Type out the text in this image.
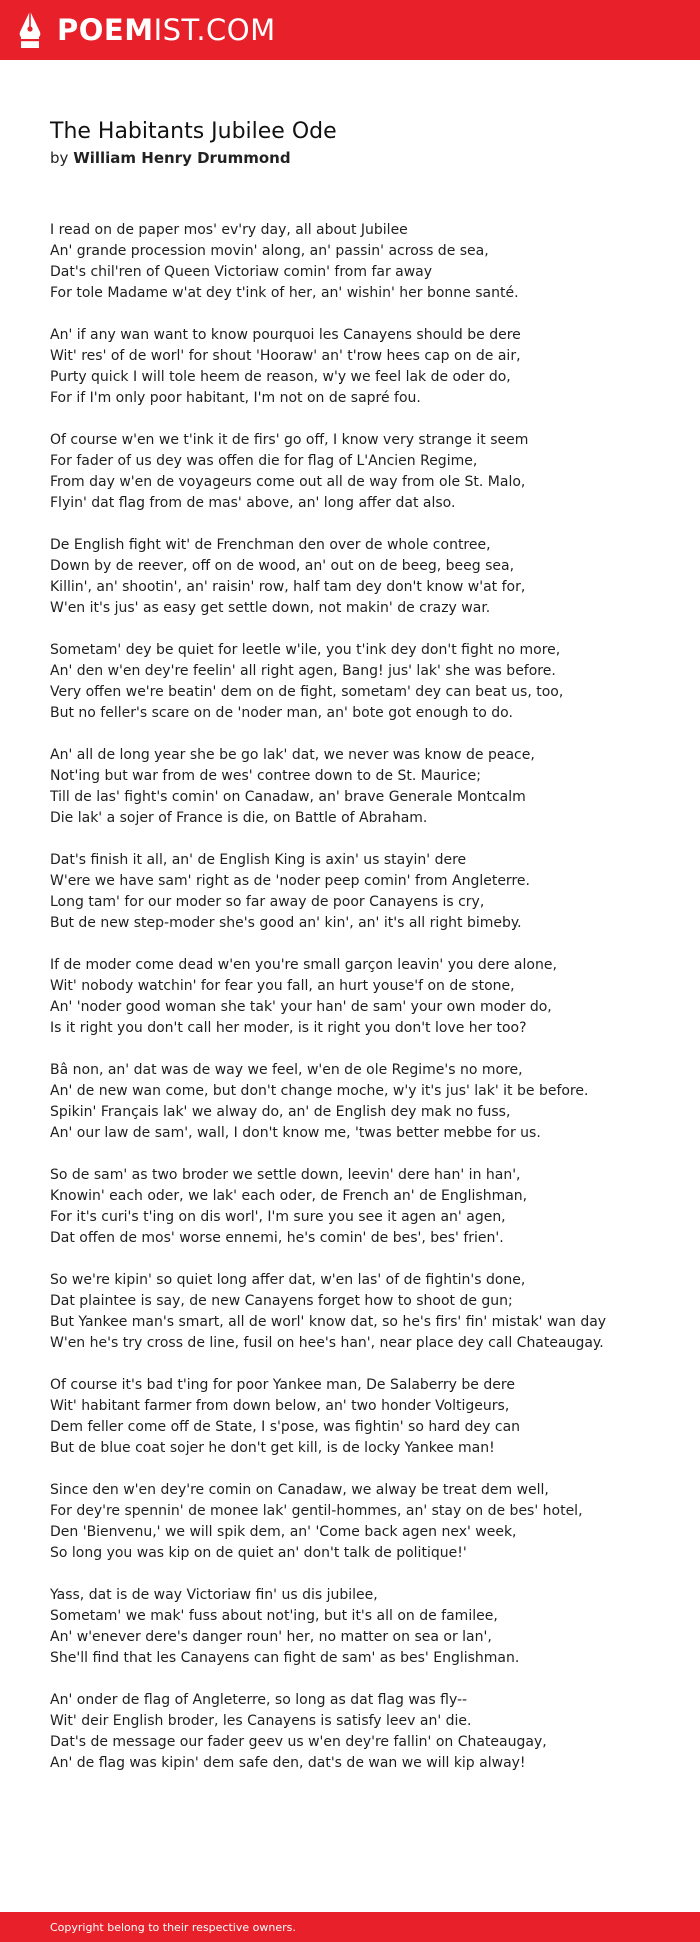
POEMIST.COM
The Habitants Jubilee Ode

by William Henry Drummond

I read on de paper mos' ev'ry day, all about Jubilee
An' grande procession movin' along, an' passin' across de sea,
Dat's chil'ren of Queen Victoriaw comin' from far away
For tole Madame w'at dey t'ink of her, an' wishin' her bonne santé.
An' if any wan want to know pourquoi les Canayens should be dere
Wit' res' of de worl' for shout 'Hooraw' an' t'row hees cap on de air,
Purty quick I will tole heem de reason, w'y we feel lak de oder do,
For if I'm only poor habitant, I'm not on de sapré fou.
Of course w'en we t'ink it de firs' go off, I know very strange it seem
For fader of us dey was offen die for flag of L'Ancien Regime,
From day w'en de voyageurs come out all de way from ole St. Malo,
Flyin' dat flag from de mas' above, an' long affer dat also.
De English fight wit' de Frenchman den over de whole contree,
Down by de reever, off on de wood, an' out on de beeg, beeg sea,
Killin', an' shootin', an' raisin' row, half tam dey don't know w'at for,
W'en it's jus' as easy get settle down, not makin' de crazy war.
Sometam' dey be quiet for leetle w'ile, you t'ink dey don't fight no more,
An' den w'en dey're feelin' all right agen, Bang! jus' lak' she was before.
Very offen we're beatin' dem on de fight, sometam' dey can beat us, too,
But no feller's scare on de 'noder man, an' bote got enough to do.
An' all de long year she be go lak' dat, we never was know de peace,
Not'ing but war from de wes' contree down to de St. Maurice;
Till de las' fight's comin' on Canadaw, an' brave Generale Montcalm
Die lak' a sojer of France is die, on Battle of Abraham.
Dat's finish it all, an' de English King is axin' us stayin' dere
W'ere we have sam' right as de 'noder peep comin' from Angleterre.
Long tam' for our moder so far away de poor Canayens is cry,
But de new step-moder she's good an' kin', an' it's all right bimeby.
If de moder come dead w'en you're small garçon leavin' you dere alone,
Wit' nobody watchin' for fear you fall, an hurt youse'f on de stone,
An' 'noder good woman she tak' your han' de sam' your own moder do,
Is it right you don't call her moder, is it right you don't love her too?
Bâ non, an' dat was de way we feel, w'en de ole Regime's no more,
An' de new wan come, but don't change moche, w'y it's jus' lak' it be before.
Spikin' Français lak' we alway do, an' de English dey mak no fuss,
An' our law de sam', wall, I don't know me, 'twas better mebbe for us.
So de sam' as two broder we settle down, leevin' dere han' in han',
Knowin' each oder, we lak' each oder, de French an' de Englishman,
For it's curi's t'ing on dis worl', I'm sure you see it agen an' agen,
Dat offen de mos' worse ennemi, he's comin' de bes', bes' frien'.
So we're kipin' so quiet long affer dat, w'en las' of de fightin's done,
Dat plaintee is say, de new Canayens forget how to shoot de gun;
But Yankee man's smart, all de worl' know dat, so he's firs' fin' mistak' wan day
W'en he's try cross de line, fusil on hee's han', near place dey call Chateaugay.
Of course it's bad t'ing for poor Yankee man, De Salaberry be dere
Wit' habitant farmer from down below, an' two honder Voltigeurs,
Dem feller come off de State, I s'pose, was fightin' so hard dey can
But de blue coat sojer he don't get kill, is de locky Yankee man!
Since den w'en dey're comin on Canadaw, we alway be treat dem well,
For dey're spennin' de monee lak' gentil-hommes, an' stay on de bes' hotel,
Den 'Bienvenu,' we will spik dem, an' 'Come back agen nex' week,
So long you was kip on de quiet an' don't talk de politique!'
Yass, dat is de way Victoriaw fin' us dis jubilee,
Sometam' we mak' fuss about not'ing, but it's all on de familee,
An' w'enever dere's danger roun' her, no matter on sea or lan',
She'll find that les Canayens can fight de sam' as bes' Englishman.
An' onder de flag of Angleterre, so long as dat flag was fly--
Wit' deir English broder, les Canayens is satisfy leev an' die.
Dat's de message our fader geev us w'en dey're fallin' on Chateaugay,
An' de flag was kipin' dem safe den, dat's de wan we will kip alway!
Copyright belong to their respective owners.
